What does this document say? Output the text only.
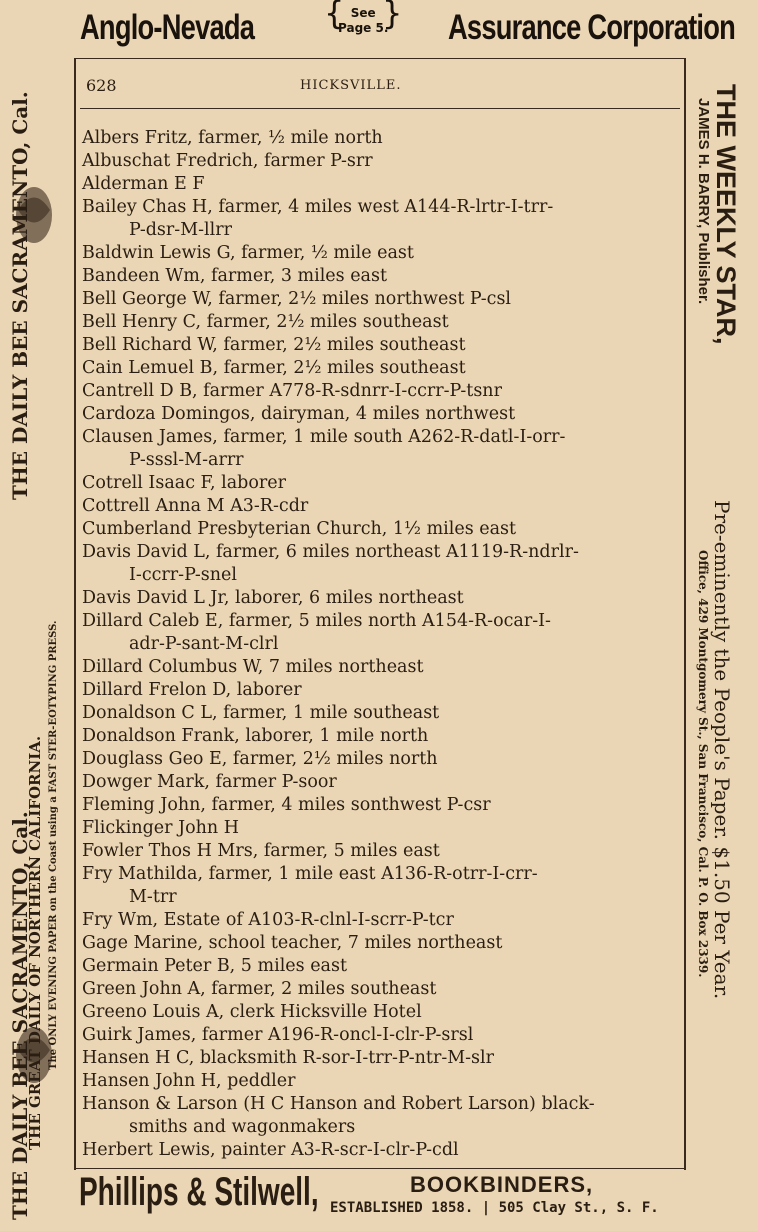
Anglo-Nevada
{	See
Page 5.
} Assurance Corporation
628	HICKSVILLE.
THE DAILY BEE SACRAMENTO, Cal.
THE GREAT DAILY OF NORTHERN CALIFORNIA. The ONLY EVENING PAPER on the Coast using a FAST STER-EOTYPING PRESS.
THE DAILY BEE SACRAMENTO, Cal.
THE WEEKLY STAR,
JAMES H. BARRY, Publisher.
Pre-eminently the People's Paper. $1.50 Per Year.
Office, 429 Montgomery St., San Francisco, Cal. P. O. Box 2339.
Albers Fritz, farmer, ½ mile north
Albuschat Fredrich, farmer P-srr
Alderman E F
Bailey Chas H, farmer, 4 miles west A144-R-lrtr-I-trr-
P-dsr-M-llrr
Baldwin Lewis G, farmer, ½ mile east
Bandeen Wm, farmer, 3 miles east
Bell George W, farmer, 2½ miles northwest P-csl
Bell Henry C, farmer, 2½ miles southeast
Bell Richard W, farmer, 2½ miles southeast
Cain Lemuel B, farmer, 2½ miles southeast
Cantrell D B, farmer A778-R-sdnrr-I-ccrr-P-tsnr
Cardoza Domingos, dairyman, 4 miles northwest
Clausen James, farmer, 1 mile south A262-R-datl-I-orr-
P-sssl-M-arrr
Cotrell Isaac F, laborer
Cottrell Anna M A3-R-cdr
Cumberland Presbyterian Church, 1½ miles east
Davis David L, farmer, 6 miles northeast A1119-R-ndrlr-
I-ccrr-P-snel
Davis David L Jr, laborer, 6 miles northeast
Dillard Caleb E, farmer, 5 miles north A154-R-ocar-I-
adr-P-sant-M-clrl
Dillard Columbus W, 7 miles northeast
Dillard Frelon D, laborer
Donaldson C L, farmer, 1 mile southeast
Donaldson Frank, laborer, 1 mile north
Douglass Geo E, farmer, 2½ miles north
Dowger Mark, farmer P-soor
Fleming John, farmer, 4 miles sonthwest P-csr
Flickinger John H
Fowler Thos H Mrs, farmer, 5 miles east
Fry Mathilda, farmer, 1 mile east A136-R-otrr-I-crr-
M-trr
Fry Wm, Estate of A103-R-clnl-I-scrr-P-tcr
Gage Marine, school teacher, 7 miles northeast
Germain Peter B, 5 miles east
Green John A, farmer, 2 miles southeast
Greeno Louis A, clerk Hicksville Hotel
Guirk James, farmer A196-R-oncl-I-clr-P-srsl
Hansen H C, blacksmith R-sor-I-trr-P-ntr-M-slr
Hansen John H, peddler
Hanson & Larson (H C Hanson and Robert Larson) black-
smiths and wagonmakers
Herbert Lewis, painter A3-R-scr-I-clr-P-cdl
Phillips & Stilwell,	BOOKBINDERS,
ESTABLISHED 1858. | 505 Clay St., S. F.
